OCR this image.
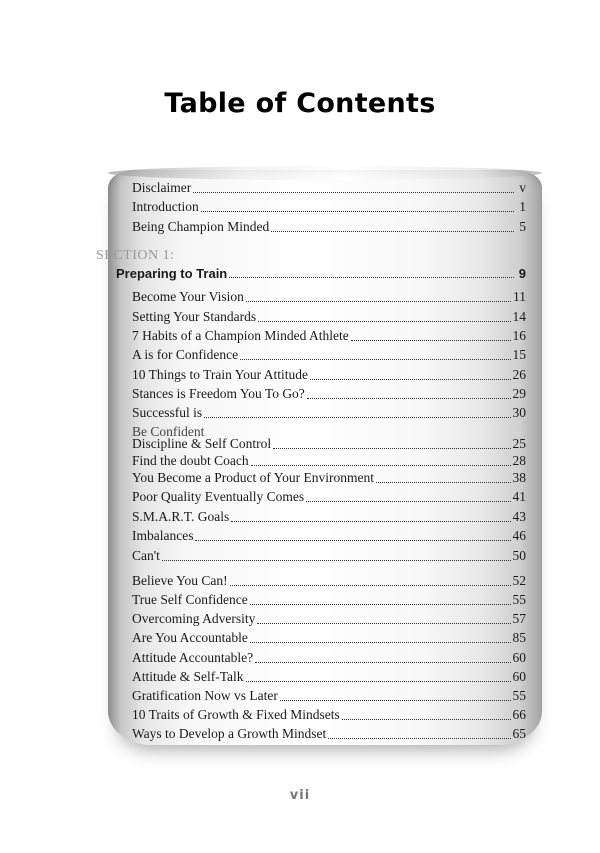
Table of Contents
SECTION 1:
Be Confident
Disclaimer	v
Introduction	1
Being Champion Minded	5
Preparing to Train	9
Become Your Vision	11
Setting Your Standards	14
7 Habits of a Champion Minded Athlete	16
A is for Confidence	15
10 Things to Train Your Attitude	26
Stances is Freedom You To Go?	29
Successful is	30
Discipline & Self Control	25
Find the doubt Coach	28
You Become a Product of Your Environment	38
Poor Quality Eventually Comes	41
S.M.A.R.T. Goals	43
Imbalances	46
Can't	50
Believe You Can!	52
True Self Confidence	55
Overcoming Adversity	57
Are You Accountable	85
Attitude Accountable?	60
Attitude & Self-Talk	60
Gratification Now vs Later	55
10 Traits of Growth & Fixed Mindsets	66
Ways to Develop a Growth Mindset	65
vii
